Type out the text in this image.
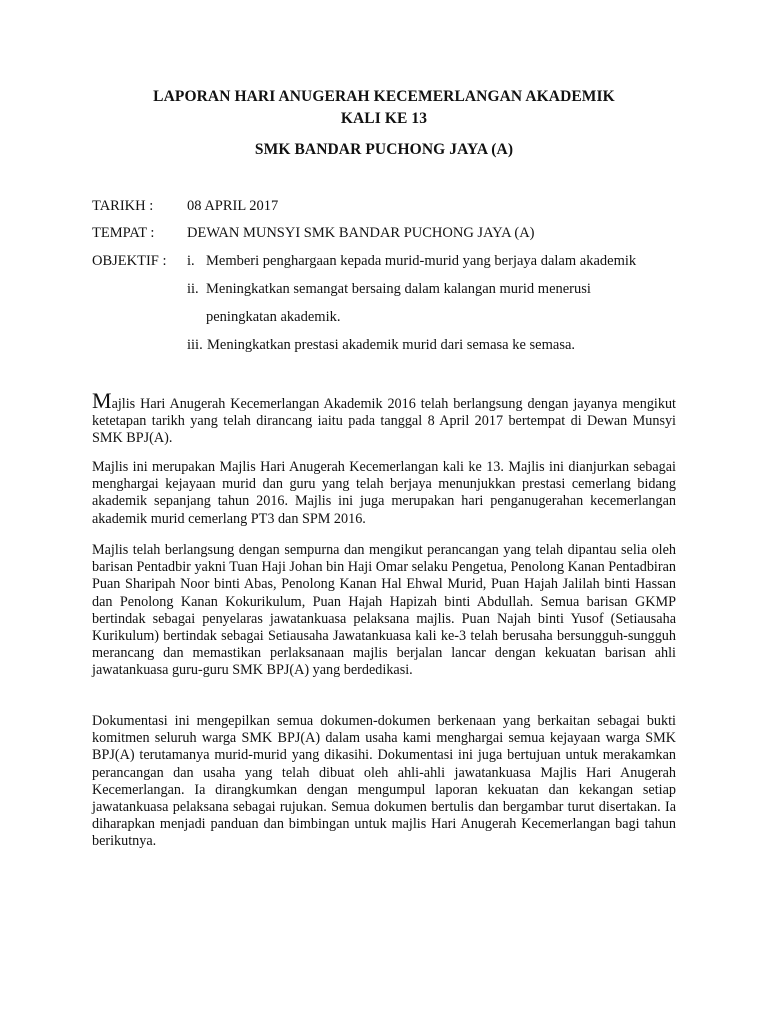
LAPORAN HARI ANUGERAH KECEMERLANGAN AKADEMIK
KALI KE 13
SMK BANDAR PUCHONG JAYA (A)
TARIKH : 08 APRIL 2017
TEMPAT : DEWAN MUNSYI SMK BANDAR PUCHONG JAYA (A)
OBJEKTIF : i. Memberi penghargaan kepada murid-murid yang berjaya dalam akademik
ii. Meningkatkan semangat bersaing dalam kalangan murid menerusi
peningkatan akademik.
iii. Meningkatkan prestasi akademik murid dari semasa ke semasa.

Majlis Hari Anugerah Kecemerlangan Akademik 2016 telah berlangsung dengan jayanya mengikut ketetapan tarikh yang telah dirancang iaitu pada tanggal 8 April 2017 bertempat di Dewan Munsyi SMK BPJ(A).

Majlis ini merupakan Majlis Hari Anugerah Kecemerlangan kali ke 13. Majlis ini dianjurkan sebagai menghargai kejayaan murid dan guru yang telah berjaya menunjukkan prestasi cemerlang bidang akademik sepanjang tahun 2016. Majlis ini juga merupakan hari penganugerahan kecemerlangan akademik murid cemerlang PT3 dan SPM 2016.

Majlis telah berlangsung dengan sempurna dan mengikut perancangan yang telah dipantau selia oleh barisan Pentadbir yakni Tuan Haji Johan bin Haji Omar selaku Pengetua, Penolong Kanan Pentadbiran Puan Sharipah Noor binti Abas, Penolong Kanan Hal Ehwal Murid, Puan Hajah Jalilah binti Hassan dan Penolong Kanan Kokurikulum, Puan Hajah Hapizah binti Abdullah. Semua barisan GKMP bertindak sebagai penyelaras jawatankuasa pelaksana majlis. Puan Najah binti Yusof (Setiausaha Kurikulum) bertindak sebagai Setiausaha Jawatankuasa kali ke-3 telah berusaha bersungguh-sungguh merancang dan memastikan perlaksanaan majlis berjalan lancar dengan kekuatan barisan ahli jawatankuasa guru-guru SMK BPJ(A) yang berdedikasi.

Dokumentasi ini mengepilkan semua dokumen-dokumen berkenaan yang berkaitan sebagai bukti komitmen seluruh warga SMK BPJ(A) dalam usaha kami menghargai semua kejayaan warga SMK BPJ(A) terutamanya murid-murid yang dikasihi. Dokumentasi ini juga bertujuan untuk merakamkan perancangan dan usaha yang telah dibuat oleh ahli-ahli jawatankuasa Majlis Hari Anugerah Kecemerlangan. Ia dirangkumkan dengan mengumpul laporan kekuatan dan kekangan setiap jawatankuasa pelaksana sebagai rujukan. Semua dokumen bertulis dan bergambar turut disertakan. Ia diharapkan menjadi panduan dan bimbingan untuk majlis Hari Anugerah Kecemerlangan bagi tahun berikutnya.
